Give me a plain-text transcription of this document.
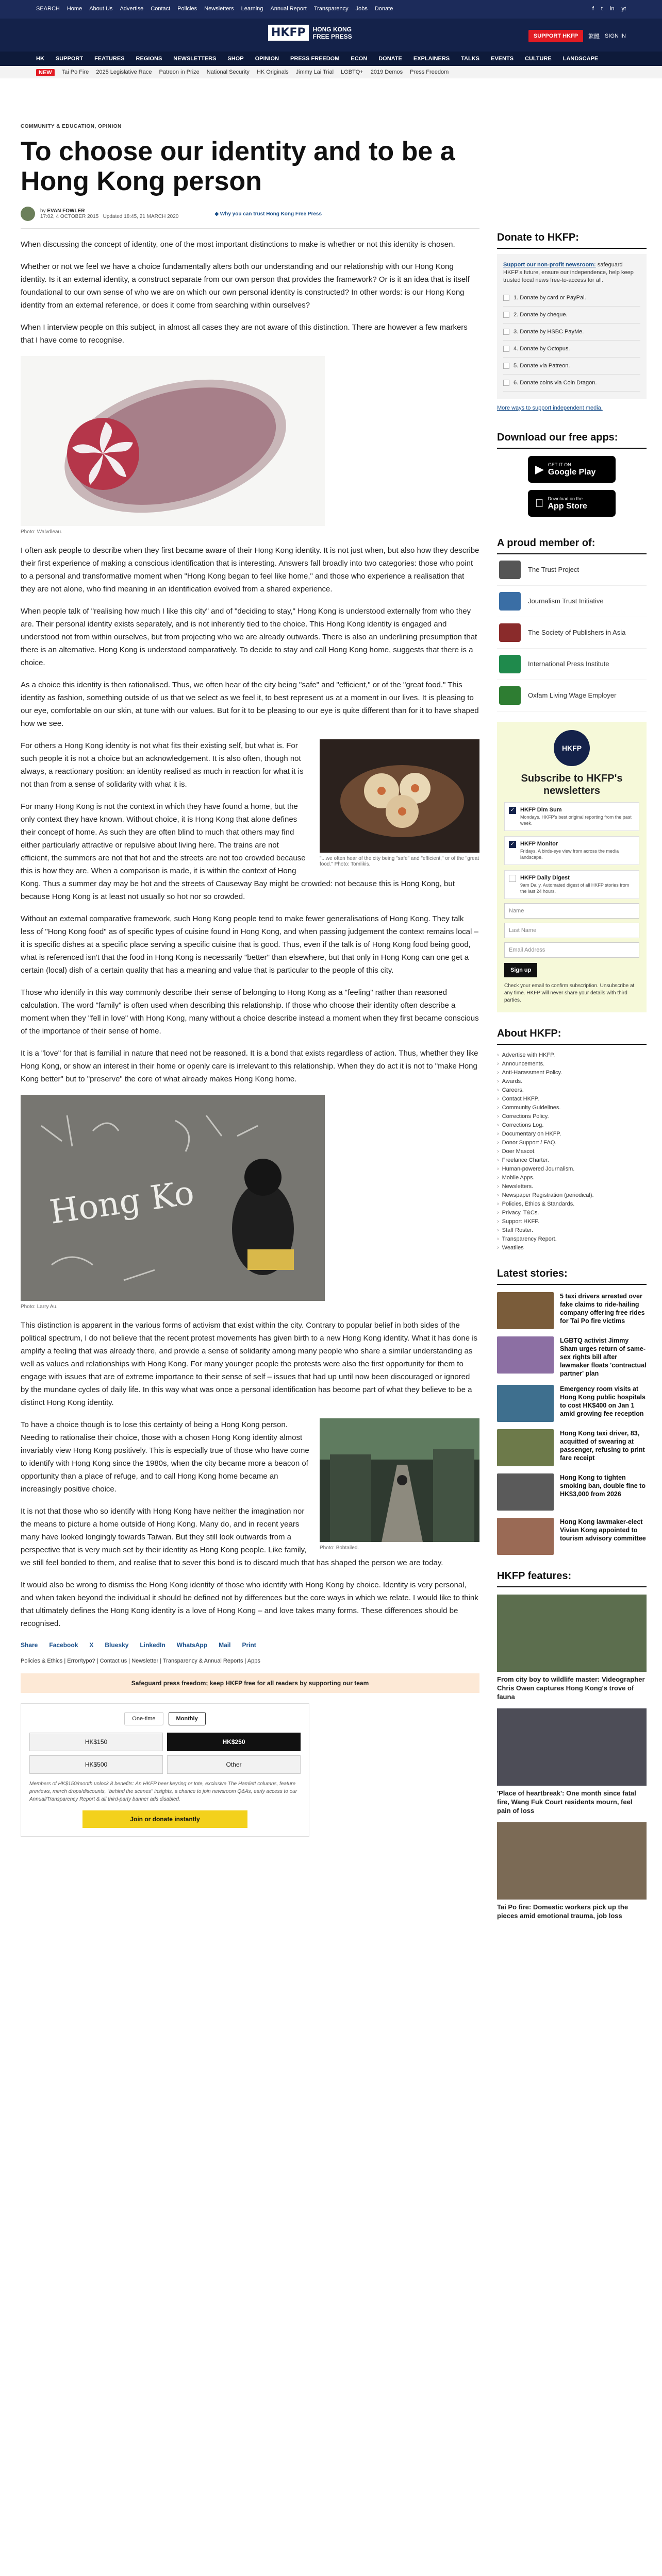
SEARCH Home About Us Advertise Contact Policies Newsletters Learning Annual Report Transparency Jobs Donate	f t in yt
HKFP	HONG KONG
FREE PRESS	SUPPORT HKFP	繁體 SIGN IN
HK SUPPORT FEATURES REGIONS NEWSLETTERS SHOP OPINION PRESS FREEDOM ECON DONATE EXPLAINERS TALKS EVENTS CULTURE LANDSCAPE
NEW	Tai Po Fire 2025 Legislative Race Patreon in Prize National Security HK Originals Jimmy Lai Trial LGBTQ+ 2019 Demos Press Freedom
COMMUNITY & EDUCATION, OPINION
To choose our identity and to be a Hong Kong person
by EVAN FOWLER
17:02, 4 OCTOBER 2015 Updated 18:45, 21 MARCH 2020	◆ Why you can trust Hong Kong Free Press

When discussing the concept of identity, one of the most important distinctions to make is whether or not this identity is chosen.

Whether or not we feel we have a choice fundamentally alters both our understanding and our relationship with our Hong Kong identity. Is it an external identity, a construct separate from our own person that provides the framework? Or is it an idea that is itself foundational to our own sense of who we are on which our own personal identity is constructed? In other words: is our Hong Kong identity from an external reference, or does it come from searching within ourselves?

When I interview people on this subject, in almost all cases they are not aware of this distinction. There are however a few markers that I have come to recognise.

Photo: Walvdleau.

I often ask people to describe when they first became aware of their Hong Kong identity. It is not just when, but also how they describe their first experience of making a conscious identification that is interesting. Answers fall broadly into two categories: those who point to a personal and transformative moment when "Hong Kong began to feel like home," and those who experience a realisation that they are not alone, who find meaning in an identification evolved from a shared experience.

When people talk of "realising how much I like this city" and of "deciding to stay," Hong Kong is understood externally from who they are. Their personal identity exists separately, and is not inherently tied to the choice. This Hong Kong identity is engaged and understood not from within ourselves, but from projecting who we are already outwards. There is also an underlining presumption that there is an alternative. Hong Kong is understood comparatively. To decide to stay and call Hong Kong home, suggests that there is a choice.

As a choice this identity is then rationalised. Thus, we often hear of the city being "safe" and "efficient," or of the "great food." This identity as fashion, something outside of us that we select as we feel it, to best represent us at a moment in our lives. It is pleasing to our eye, comfortable on our skin, at tune with our values. But for it to be pleasing to our eye is quite different than for it to have shaped how we see.

"...we often hear of the city being "safe" and "efficient," or of the "great food." Photo: Tomlikis.

For others a Hong Kong identity is not what fits their existing self, but what is. For such people it is not a choice but an acknowledgement. It is also often, though not always, a reactionary position: an identity realised as much in reaction for what it is not than from a sense of solidarity with what it is.

For many Hong Kong is not the context in which they have found a home, but the only context they have known. Without choice, it is Hong Kong that alone defines their concept of home. As such they are often blind to much that others may find either particularly attractive or repulsive about living here. The trains are not efficient, the summers are not that hot and the streets are not too crowded because this is how they are. When a comparison is made, it is within the context of Hong Kong. Thus a summer day may be hot and the streets of Causeway Bay might be crowded: not because this is Hong Kong, but because Hong Kong is at least not usually so hot nor so crowded.

Without an external comparative framework, such Hong Kong people tend to make fewer generalisations of Hong Kong. They talk less of "Hong Kong food" as of specific types of cuisine found in Hong Kong, and when passing judgement the context remains local – it is specific dishes at a specific place serving a specific cuisine that is good. Thus, even if the talk is of Hong Kong food being good, what is referenced isn't that the food in Hong Kong is necessarily "better" than elsewhere, but that only in Hong Kong can one get a certain (local) dish of a certain quality that has a meaning and value that is particular to the people of this city.

Those who identify in this way commonly describe their sense of belonging to Hong Kong as a "feeling" rather than reasoned calculation. The word "family" is often used when describing this relationship. If those who choose their identity often describe a moment when they "fell in love" with Hong Kong, many without a choice describe instead a moment when they first became conscious of the importance of their sense of home.

It is a "love" for that is familial in nature that need not be reasoned. It is a bond that exists regardless of action. Thus, whether they like Hong Kong, or show an interest in their home or openly care is irrelevant to this relationship. When they do act it is not to "make Hong Kong better" but to "preserve" the core of what already makes Hong Kong home.

Hong Ko
Photo: Larry Au.

This distinction is apparent in the various forms of activism that exist within the city. Contrary to popular belief in both sides of the political spectrum, I do not believe that the recent protest movements has given birth to a new Hong Kong identity. What it has done is amplify a feeling that was already there, and provide a sense of solidarity among many people who share a similar understanding as well as values and relationships with Hong Kong. For many younger people the protests were also the first opportunity for them to engage with issues that are of extreme importance to their sense of self – issues that had up until now been discouraged or ignored by the mundane cycles of daily life. In this way what was once a personal identification has become part of what they believe to be a distinct Hong Kong identity.

Photo: Bobtailed.

To have a choice though is to lose this certainty of being a Hong Kong person. Needing to rationalise their choice, those with a chosen Hong Kong identity almost invariably view Hong Kong positively. This is especially true of those who have come to identify with Hong Kong since the 1980s, when the city became more a beacon of opportunity than a place of refuge, and to call Hong Kong home became an increasingly positive choice.

It is not that those who so identify with Hong Kong have neither the imagination nor the means to picture a home outside of Hong Kong. Many do, and in recent years many have looked longingly towards Taiwan. But they still look outwards from a perspective that is very much set by their identity as Hong Kong people. Like family, we still feel bonded to them, and realise that to sever this bond is to discard much that has shaped the person we are today.

It would also be wrong to dismiss the Hong Kong identity of those who identify with Hong Kong by choice. Identity is very personal, and when taken beyond the individual it should be defined not by differences but the core ways in which we relate. I would like to think that ultimately defines the Hong Kong identity is a love of Hong Kong – and love takes many forms. These differences should be recognised.

Share Facebook X Bluesky LinkedIn WhatsApp Mail Print
Policies & Ethics | Error/typo? | Contact us | Newsletter | Transparency & Annual Reports | Apps
Safeguard press freedom; keep HKFP free for all readers by supporting our team
One-time	Monthly
HK$150	HK$250
HK$500	Other
Members of HK$150/month unlock 8 benefits: An HKFP beer keyring or tote, exclusive The Hamlett columns, feature previews, merch drops/discounts, "behind the scenes" insights, a chance to join newsroom Q&As, early access to our Annual/Transparency Report & all third-party banner ads disabled.
Join or donate instantly
Donate to HKFP:
Support our non-profit newsroom: safeguard HKFP's future, ensure our independence, help keep trusted local news free-to-access for all.
1. Donate by card or PayPal.
2. Donate by cheque.
3. Donate by HSBC PayMe.
4. Donate by Octopus.
5. Donate via Patreon.
6. Donate coins via Coin Dragon.
More ways to support independent media.
Download our free apps:
▶ GET IT ON
Google Play
Download on the
App Store
A proud member of:
The Trust Project
Journalism Trust Initiative
The Society of Publishers in Asia
International Press Institute
Oxfam Living Wage Employer
HKFP
Subscribe to HKFP's newsletters
✓ HKFP Dim Sum
Mondays. HKFP's best original reporting from the past week.
✓ HKFP Monitor
Fridays. A birds-eye view from across the media landscape.
HKFP Daily Digest
9am Daily. Automated digest of all HKFP stories from the last 24 hours.
Name
Last Name
Email Address
Sign up
Check your email to confirm subscription. Unsubscribe at any time. HKFP will never share your details with third parties.
About HKFP:
› Advertise with HKFP.
› Announcements.
› Anti-Harassment Policy.
› Awards.
› Careers.
› Contact HKFP.
› Community Guidelines.
› Corrections Policy.
› Corrections Log.
› Documentary on HKFP.
› Donor Support / FAQ.
› Doer Mascot.
› Freelance Charter.
› Human-powered Journalism.
› Mobile Apps.
› Newsletters.
› Newspaper Registration (periodical).
› Policies, Ethics & Standards.
› Privacy, T&Cs.
› Support HKFP.
› Staff Roster.
› Transparency Report.
› Weatlies
Latest stories:
5 taxi drivers arrested over fake claims to ride-hailing company offering free rides for Tai Po fire victims
LGBTQ activist Jimmy Sham urges return of same-sex rights bill after lawmaker floats 'contractual partner' plan
Emergency room visits at Hong Kong public hospitals to cost HK$400 on Jan 1 amid growing fee reception
Hong Kong taxi driver, 83, acquitted of swearing at passenger, refusing to print fare receipt
Hong Kong to tighten smoking ban, double fine to HK$3,000 from 2026
Hong Kong lawmaker-elect Vivian Kong appointed to tourism advisory committee
HKFP features:
From city boy to wildlife master: Videographer Chris Owen captures Hong Kong's trove of fauna
'Place of heartbreak': One month since fatal fire, Wang Fuk Court residents mourn, feel pain of loss
Tai Po fire: Domestic workers pick up the pieces amid emotional trauma, job loss
